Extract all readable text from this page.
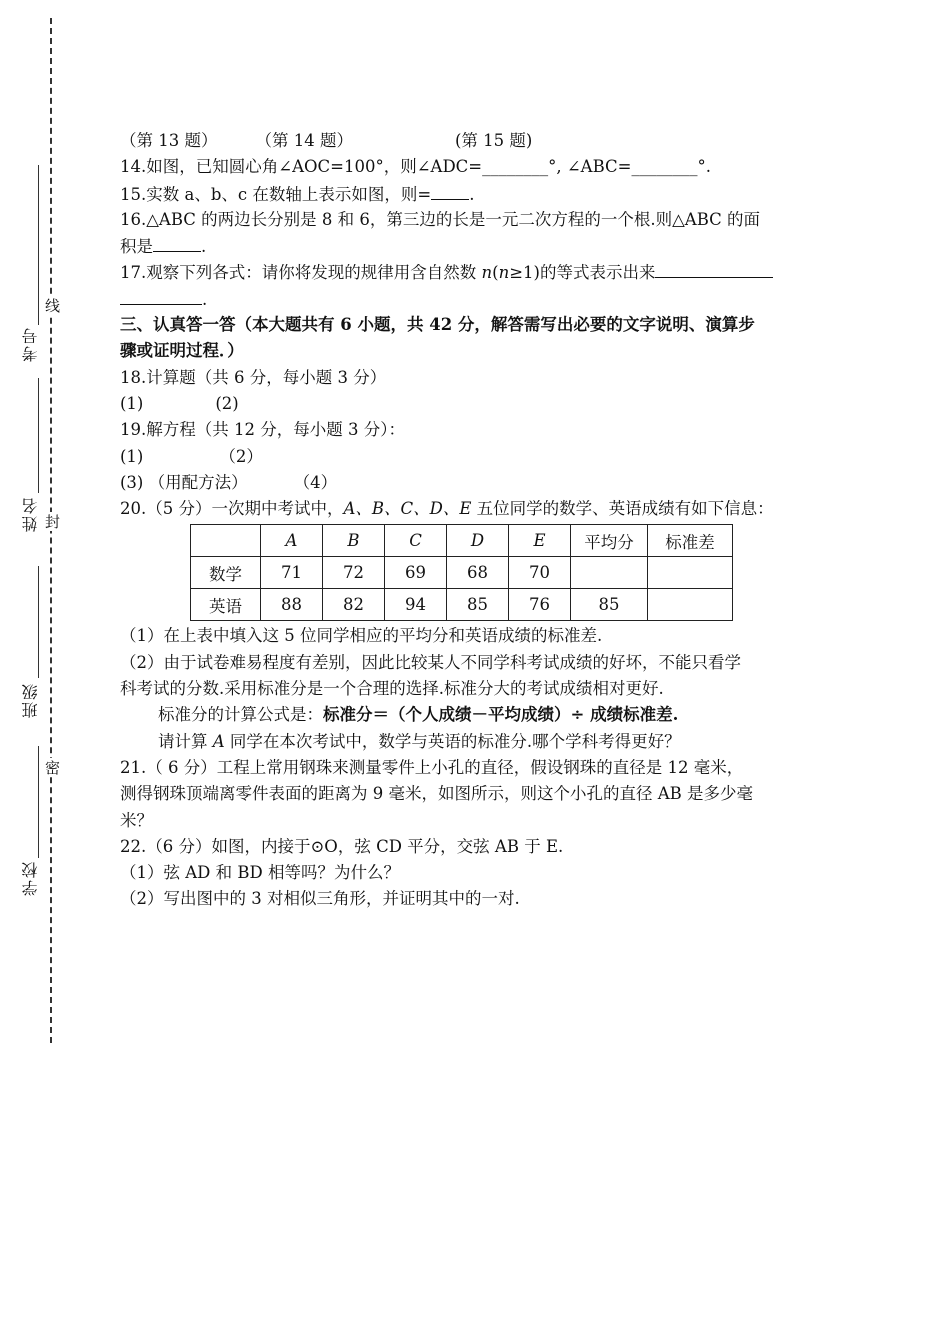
考号
线
姓名 封
班级
密
学校
（第 13 题） （第 14 题）	(第 15 题)
14.如图，已知圆心角∠AOC=100°，则∠ADC=________°, ∠ABC=________°.
15.实数 a、b、c 在数轴上表示如图，则= .
16.△ABC 的两边长分别是 8 和 6，第三边的长是一元二次方程的一个根.则△ABC 的面
积是	.
17.观察下列各式：请你将发现的规律用含自然数 n(n≥1)的等式表示出来
.
三、认真答一答（本大题共有 6 小题，共 42 分，解答需写出必要的文字说明、演算步
骤或证明过程．）
18.计算题（共 6 分，每小题 3 分）
(1)	(2)
19.解方程（共 12 分，每小题 3 分）：
(1)	（2）
(3) （用配方法）	（4）
20.（5 分）一次期中考试中，A、B、C、D、E 五位同学的数学、英语成绩有如下信息：
	A	B	C	D	E	平均分	标准差
数学	71	72	69	68	70		
英语	88	82	94	85	76	85	
（1）在上表中填入这 5 位同学相应的平均分和英语成绩的标准差.
（2）由于试卷难易程度有差别，因此比较某人不同学科考试成绩的好坏，不能只看学
科考试的分数.采用标准分是一个合理的选择.标准分大的考试成绩相对更好.
标准分的计算公式是：标准分＝（个人成绩－平均成绩）÷ 成绩标准差.
请计算 A 同学在本次考试中，数学与英语的标准分.哪个学科考得更好？
21.（ 6 分）工程上常用钢珠来测量零件上小孔的直径，假设钢珠的直径是 12 毫米，
测得钢珠顶端离零件表面的距离为 9 毫米，如图所示，则这个小孔的直径 AB 是多少毫
米？
22.（6 分）如图，内接于⊙O，弦 CD 平分，交弦 AB 于 E.
（1）弦 AD 和 BD 相等吗？为什么？
（2）写出图中的 3 对相似三角形，并证明其中的一对.
